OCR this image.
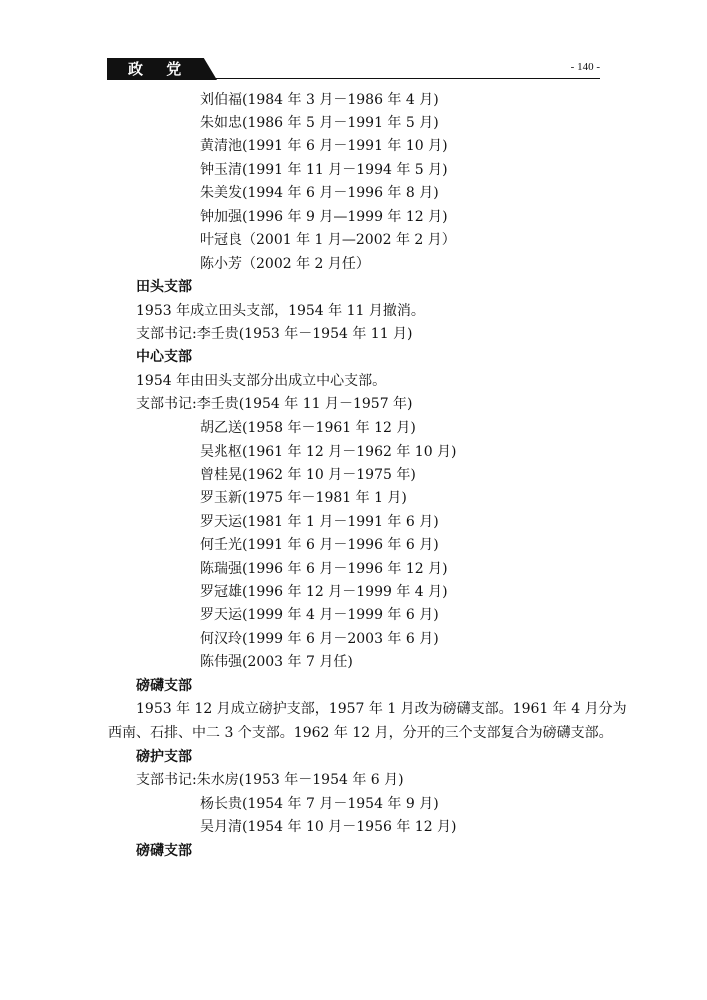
政 党	- 140 -
刘伯福(1984 年 3 月－1986 年 4 月)
朱如忠(1986 年 5 月－1991 年 5 月)
黄清池(1991 年 6 月－1991 年 10 月)
钟玉清(1991 年 11 月－1994 年 5 月)
朱美发(1994 年 6 月－1996 年 8 月)
钟加强(1996 年 9 月—1999 年 12 月)
叶冠良（2001 年 1 月—2002 年 2 月）
陈小芳（2002 年 2 月任）
田头支部
1953 年成立田头支部，1954 年 11 月撤消。
支部书记:李壬贵(1953 年－1954 年 11 月)
中心支部
1954 年由田头支部分出成立中心支部。
支部书记:李壬贵(1954 年 11 月－1957 年)
胡乙送(1958 年－1961 年 12 月)
吴兆枢(1961 年 12 月－1962 年 10 月)
曾桂晃(1962 年 10 月－1975 年)
罗玉新(1975 年－1981 年 1 月)
罗天运(1981 年 1 月－1991 年 6 月)
何壬光(1991 年 6 月－1996 年 6 月)
陈瑞强(1996 年 6 月－1996 年 12 月)
罗冠雄(1996 年 12 月－1999 年 4 月)
罗天运(1999 年 4 月－1999 年 6 月)
何汉玲(1999 年 6 月－2003 年 6 月)
陈伟强(2003 年 7 月任)
磅礴支部
1953 年 12 月成立磅护支部，1957 年 1 月改为磅礴支部。1961 年 4 月分为
西南、石排、中二 3 个支部。1962 年 12 月，分开的三个支部复合为磅礴支部。
磅护支部
支部书记:朱水房(1953 年－1954 年 6 月)
杨长贵(1954 年 7 月－1954 年 9 月)
吴月清(1954 年 10 月－1956 年 12 月)
磅礴支部
